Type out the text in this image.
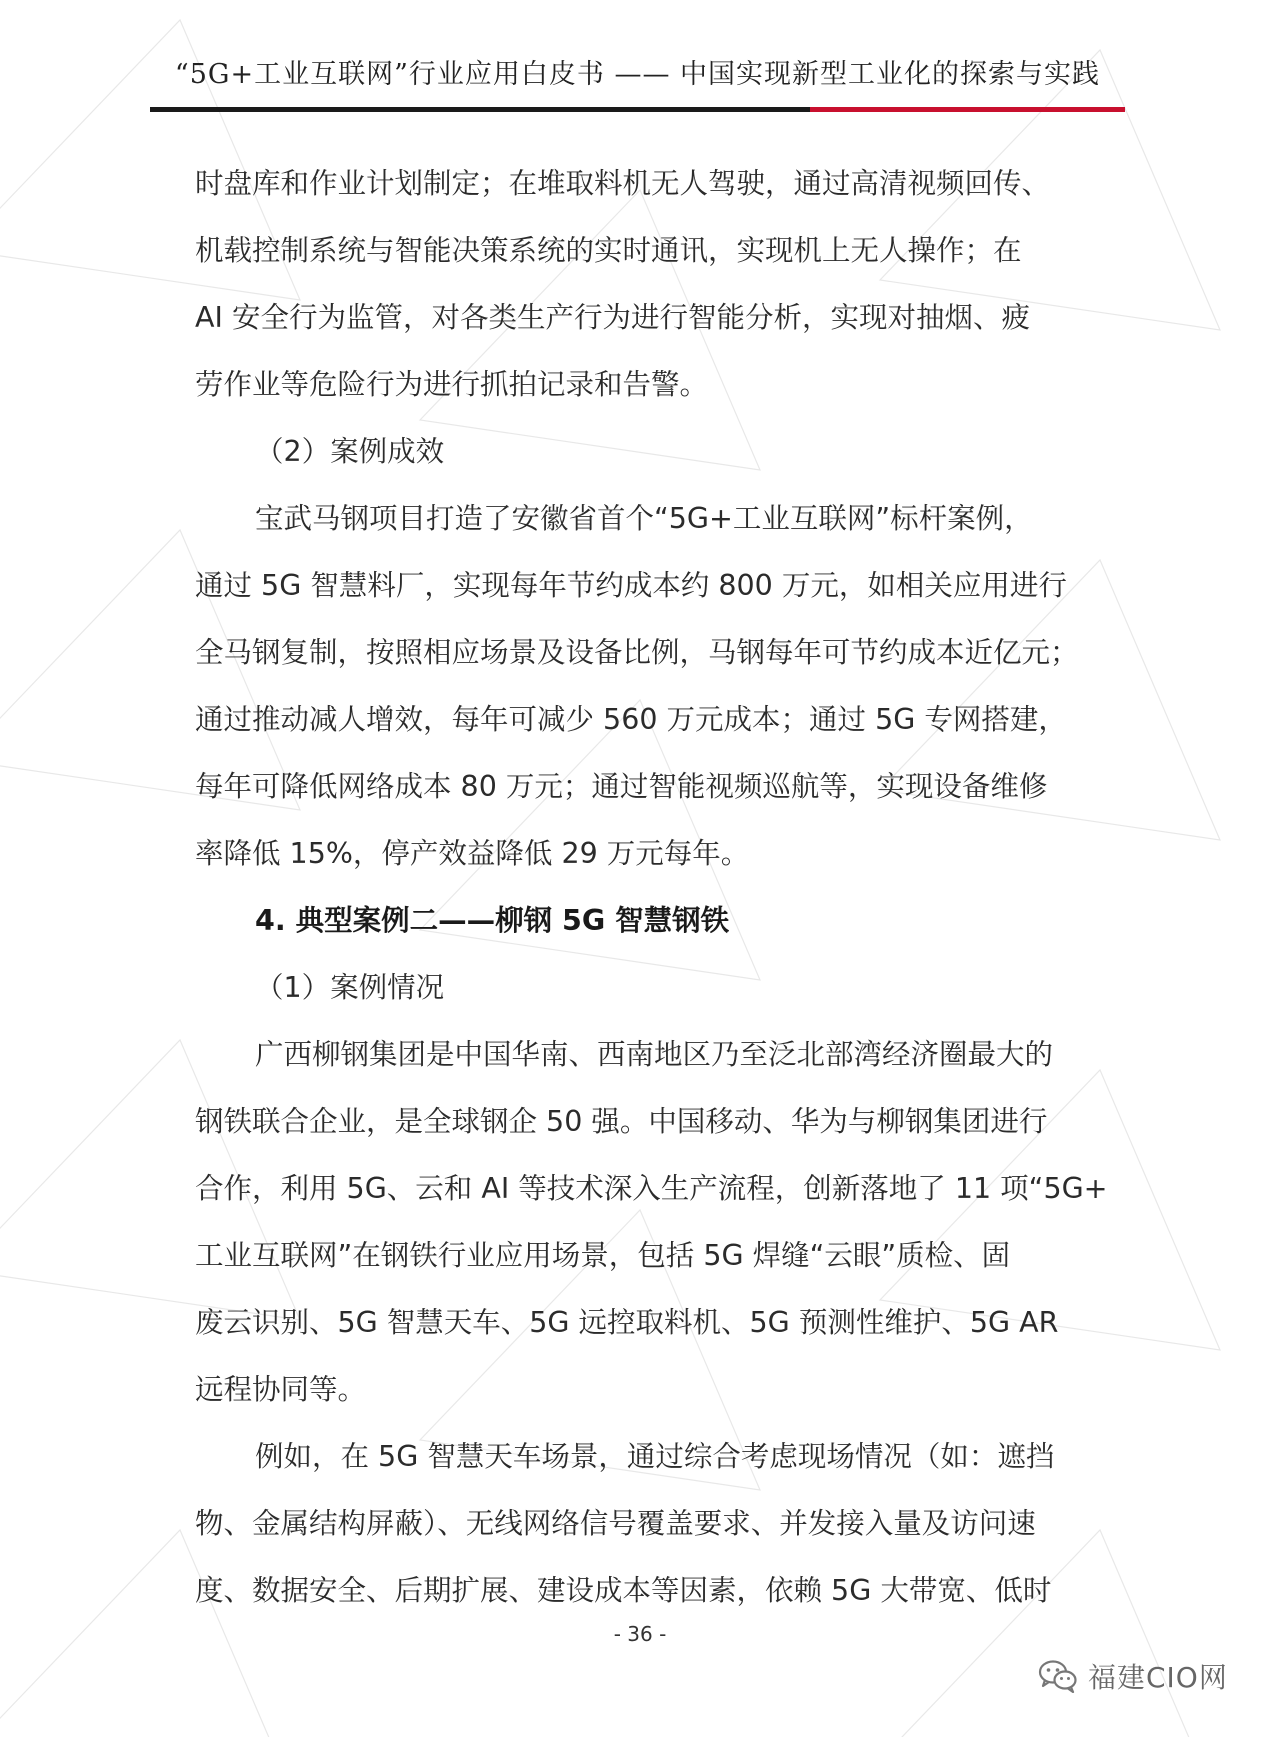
“5G+工业互联网”行业应用白皮书 —— 中国实现新型工业化的探索与实践
时盘库和作业计划制定；在堆取料机无人驾驶，通过高清视频回传、
机载控制系统与智能决策系统的实时通讯，实现机上无人操作；在
AI 安全行为监管，对各类生产行为进行智能分析，实现对抽烟、疲
劳作业等危险行为进行抓拍记录和告警。
（2）案例成效
宝武马钢项目打造了安徽省首个“5G+工业互联网”标杆案例，
通过 5G 智慧料厂，实现每年节约成本约 800 万元，如相关应用进行
全马钢复制，按照相应场景及设备比例，马钢每年可节约成本近亿元；
通过推动减人增效，每年可减少 560 万元成本；通过 5G 专网搭建，
每年可降低网络成本 80 万元；通过智能视频巡航等，实现设备维修
率降低 15%，停产效益降低 29 万元每年。
4. 典型案例二——柳钢 5G 智慧钢铁
（1）案例情况
广西柳钢集团是中国华南、西南地区乃至泛北部湾经济圈最大的
钢铁联合企业，是全球钢企 50 强。中国移动、华为与柳钢集团进行
合作，利用 5G、云和 AI 等技术深入生产流程，创新落地了 11 项“5G+
工业互联网”在钢铁行业应用场景，包括 5G 焊缝“云眼”质检、固
废云识别、5G 智慧天车、5G 远控取料机、5G 预测性维护、5G AR
远程协同等。
例如，在 5G 智慧天车场景，通过综合考虑现场情况（如：遮挡
物、金属结构屏蔽）、无线网络信号覆盖要求、并发接入量及访问速
度、数据安全、后期扩展、建设成本等因素，依赖 5G 大带宽、低时
- 36 -
福建CIO网
